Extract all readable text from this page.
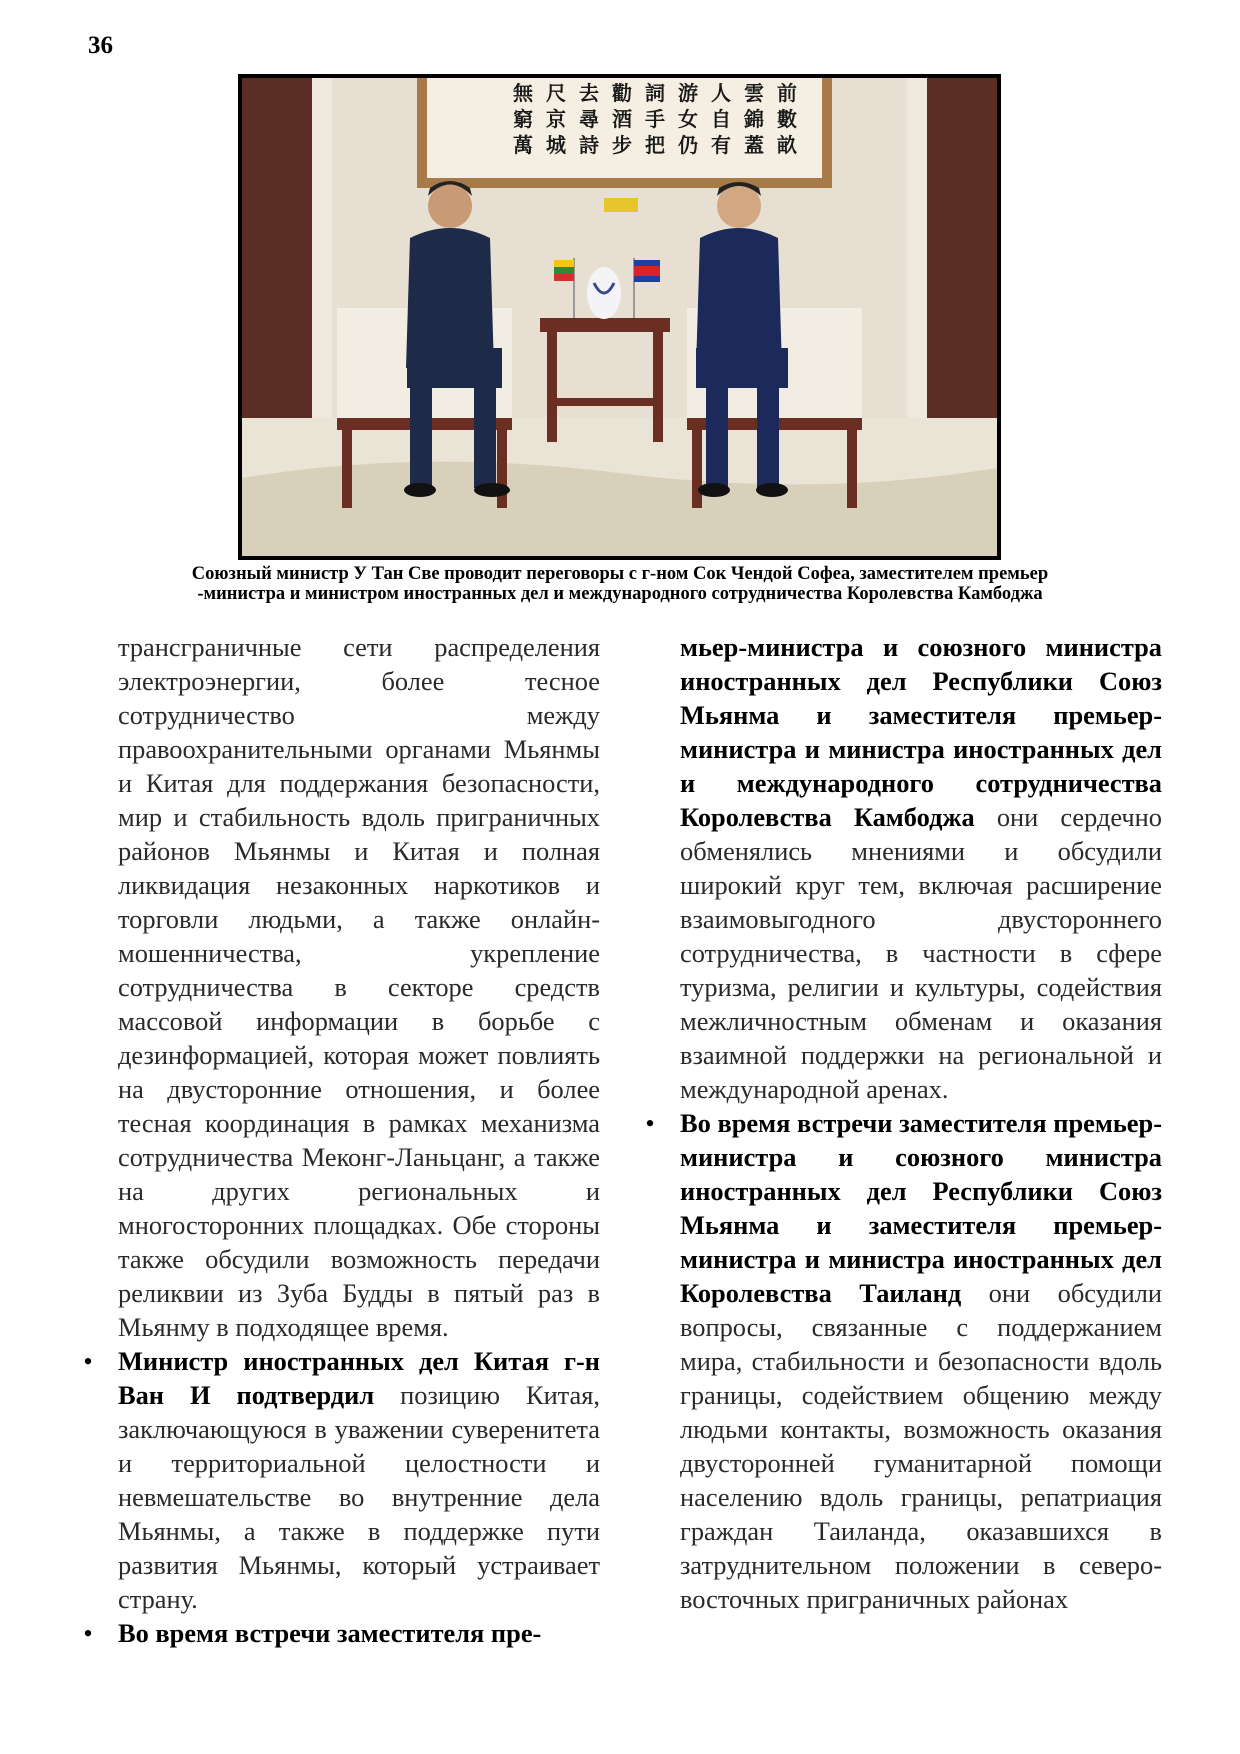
36
前
數
畝
雲
錦
蓋
人
自
有
游
女
仍
詞
手
把
勸
酒
步
去
尋
詩
尺
京
城
無
窮
萬
Союзный министр У Тан Све проводит переговоры с г-ном Сок Чендой Софеа, заместителем премьер
-министра и министром иностранных дел и международного сотрудничества Королевства Камбоджа

трансграничные сети распределения электроэнергии, более тесное сотрудничество между правоохранительными органами Мьянмы и Китая для поддержания безопасности, мир и стабильность вдоль приграничных районов Мьянмы и Китая и полная ликвидация незаконных наркотиков и торговли людьми, а также онлайн-мошенничества, укрепление сотрудничества в секторе средств массовой информации в борьбе с дезинформацией, которая может повлиять на двусторонние отношения, и более тесная координация в рамках механизма сотрудничества Меконг-Ланьцанг, а также на других региональных и многосторонних площадках. Обе стороны также обсудили возможность передачи реликвии из Зуба Будды в пятый раз в Мьянму в подходящее время.

• Министр иностранных дел Китая г-н Ван И подтвердил позицию Китая, заключающуюся в уважении суверенитета и территориальной целостности и невмешательстве во внутренние дела Мьянмы, а также в поддержке пути развития Мьянмы, который устраивает страну.

• Во время встречи заместителя пре-

мьер-министра и союзного министра иностранных дел Республики Союз Мьянма и заместителя премьер-министра и министра иностранных дел и международного сотрудничества Королевства Камбоджа они сердечно обменялись мнениями и обсудили широкий круг тем, включая расширение взаимовыгодного двустороннего сотрудничества, в частности в сфере туризма, религии и культуры, содействия межличностным обменам и оказания взаимной поддержки на региональной и международной аренах.

• Во время встречи заместителя премьер-министра и союзного министра иностранных дел Республики Союз Мьянма и заместителя премьер-министра и министра иностранных дел Королевства Таиланд они обсудили вопросы, связанные с поддержанием мира, стабильности и безопасности вдоль границы, содействием общению между людьми контакты, возможность оказания двусторонней гуманитарной помощи населению вдоль границы, репатриация граждан Таиланда, оказавшихся в затруднительном положении в северо-восточных приграничных районах
